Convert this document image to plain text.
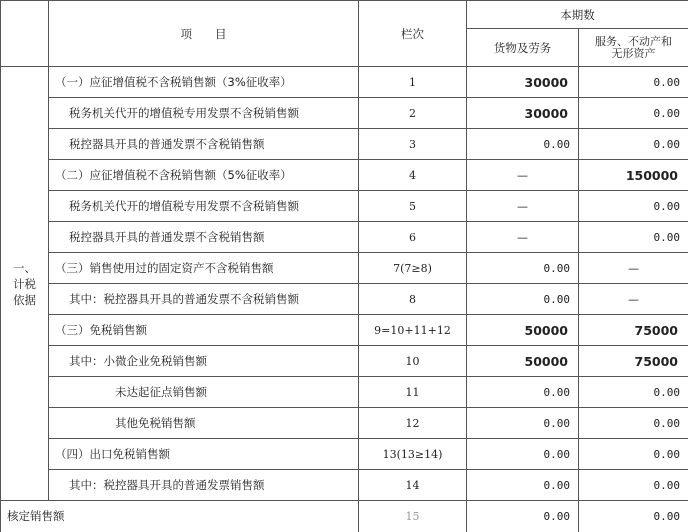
	项　　目	栏次	本期数	
			货物及劳务	服务、不动产和
无形资产

一、
计税
依据	（一）应征增值税不含税销售额（3%征收率）	1	30000	0.00
	税务机关代开的增值税专用发票不含税销售额	2	30000	0.00
	税控器具开具的普通发票不含税销售额	3	0.00	0.00
	（二）应征增值税不含税销售额（5%征收率）	4	—	150000
	税务机关代开的增值税专用发票不含税销售额	5	—	0.00
	税控器具开具的普通发票不含税销售额	6	—	0.00
	（三）销售使用过的固定资产不含税销售额	7(7≥8)	0.00	—
	其中：税控器具开具的普通发票不含税销售额	8	0.00	—
	（三）免税销售额	9=10+11+12	50000	75000
	其中：小微企业免税销售额	10	50000	75000
	未达起征点销售额	11	0.00	0.00
	其他免税销售额	12	0.00	0.00
	（四）出口免税销售额	13(13≥14)	0.00	0.00
	其中：税控器具开具的普通发票销售额	14	0.00	0.00
核定销售额		15	0.00	0.00
